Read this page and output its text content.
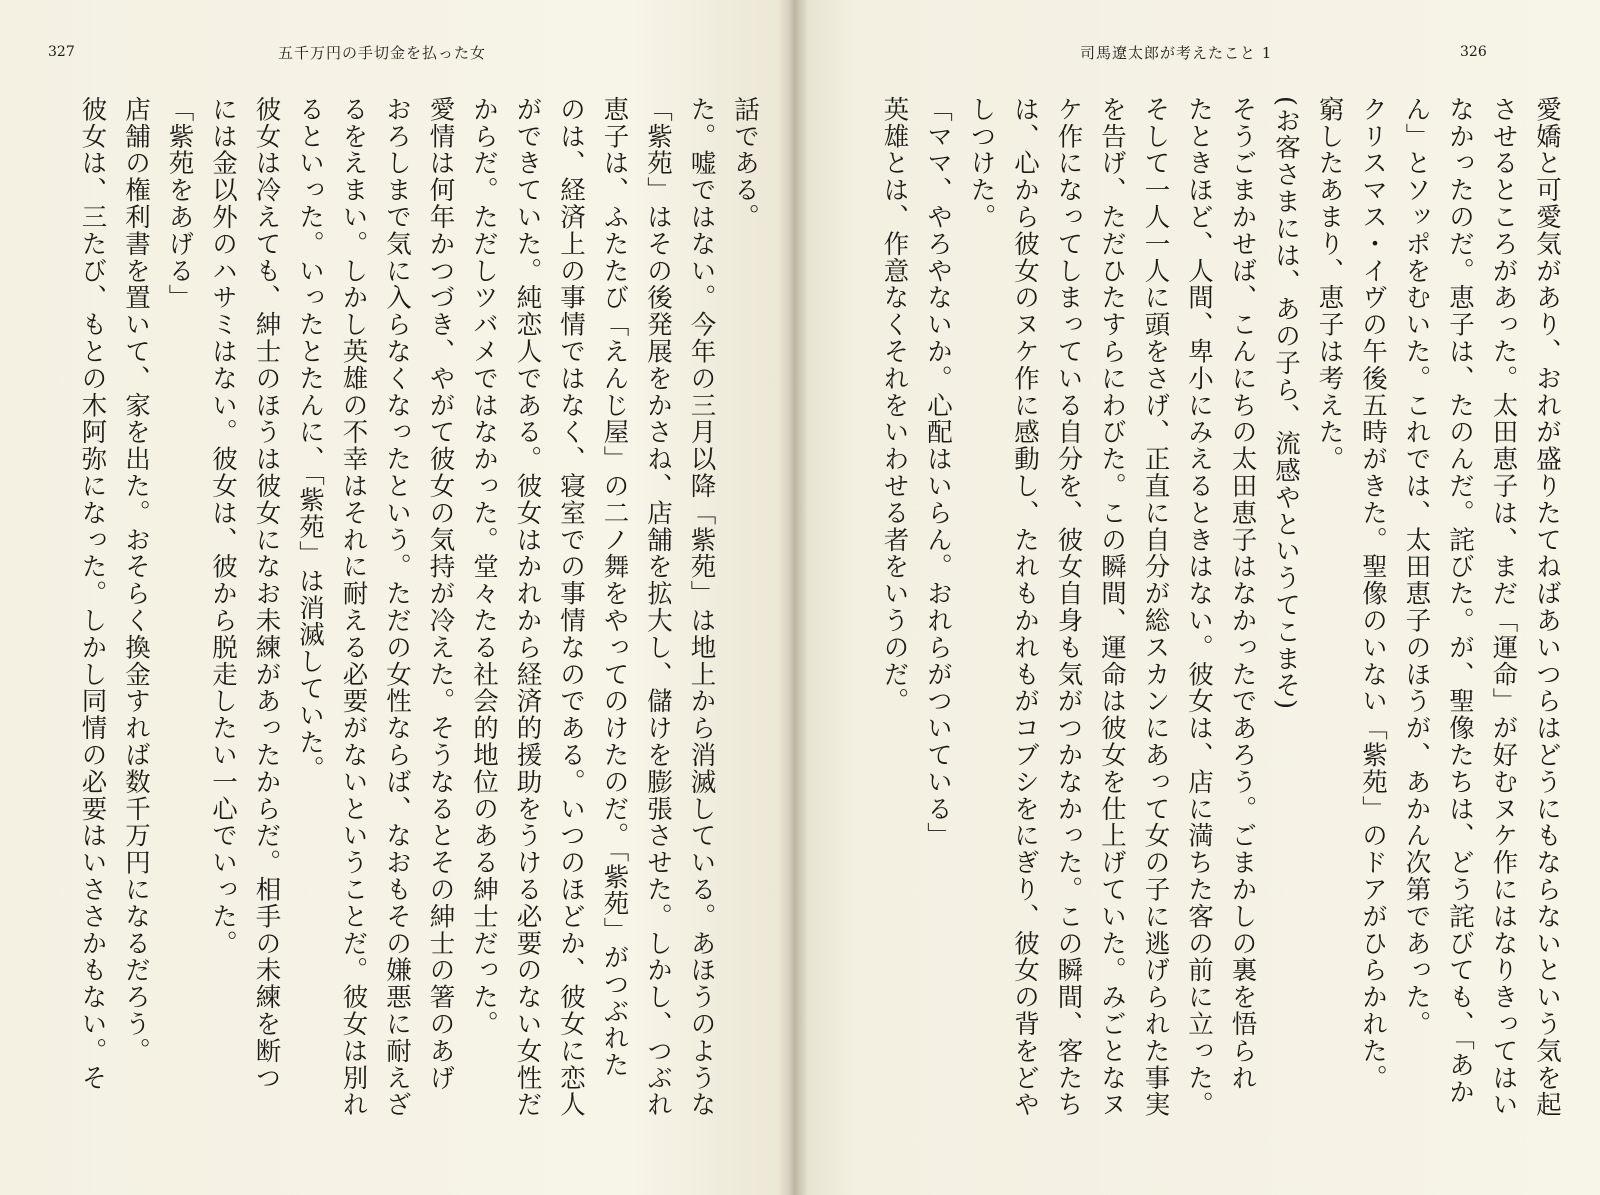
327	五千万円の手切金を払った女
話である。
た。嘘ではない。今年の三月以降「紫苑」は地上から消滅している。あほうのような
「紫苑」はその後発展をかさね、店舗を拡大し、儲けを膨張させた。しかし、つぶれ
恵子は、ふたたび「えんじ屋」の二ノ舞をやってのけたのだ。「紫苑」がつぶれた
のは、経済上の事情ではなく、寝室での事情なのである。いつのほどか、彼女に恋人
ができていた。純恋人である。彼女はかれから経済的援助をうける必要のない女性だ
からだ。ただしツバメではなかった。堂々たる社会的地位のある紳士だった。
愛情は何年かつづき、やがて彼女の気持が冷えた。そうなるとその紳士の箸のあげ
おろしまで気に入らなくなったという。ただの女性ならば、なおもその嫌悪に耐えざ
るをえまい。しかし英雄の不幸はそれに耐える必要がないということだ。彼女は別れ
るといった。いったとたんに、「紫苑」は消滅していた。
彼女は冷えても、紳士のほうは彼女になお未練があったからだ。相手の未練を断つ
には金以外のハサミはない。彼女は、彼から脱走したい一心でいった。
「紫苑をあげる」
店舗の権利書を置いて、家を出た。おそらく換金すれば数千万円になるだろう。
彼女は、三たび、もとの木阿弥になった。しかし同情の必要はいささかもない。そ
司馬遼太郎が考えたこと 1	326
愛嬌と可愛気があり、おれが盛りたてねばあいつらはどうにもならないという気を起
させるところがあった。太田恵子は、まだ「運命」が好むヌケ作にはなりきってはい
なかったのだ。恵子は、たのんだ。詫びた。が、聖像たちは、どう詫びても、「あか
ん」とソッポをむいた。これでは、太田恵子のほうが、あかん次第であった。
クリスマス・イヴの午後五時がきた。聖像のいない「紫苑」のドアがひらかれた。
窮したあまり、恵子は考えた。
(お客さまには、あの子ら、流感やというてこまそ)
そうごまかせば、こんにちの太田恵子はなかったであろう。ごまかしの裏を悟られ
たときほど、人間、卑小にみえるときはない。彼女は、店に満ちた客の前に立った。
そして一人一人に頭をさげ、正直に自分が総スカンにあって女の子に逃げられた事実
を告げ、ただひたすらにわびた。この瞬間、運命は彼女を仕上げていた。みごとなヌ
ケ作になってしまっている自分を、彼女自身も気がつかなかった。この瞬間、客たち
は、心から彼女のヌケ作に感動し、たれもかれもがコブシをにぎり、彼女の背をどや
しつけた。
「ママ、やろやないか。心配はいらん。おれらがついている」
英雄とは、作意なくそれをいわせる者をいうのだ。
